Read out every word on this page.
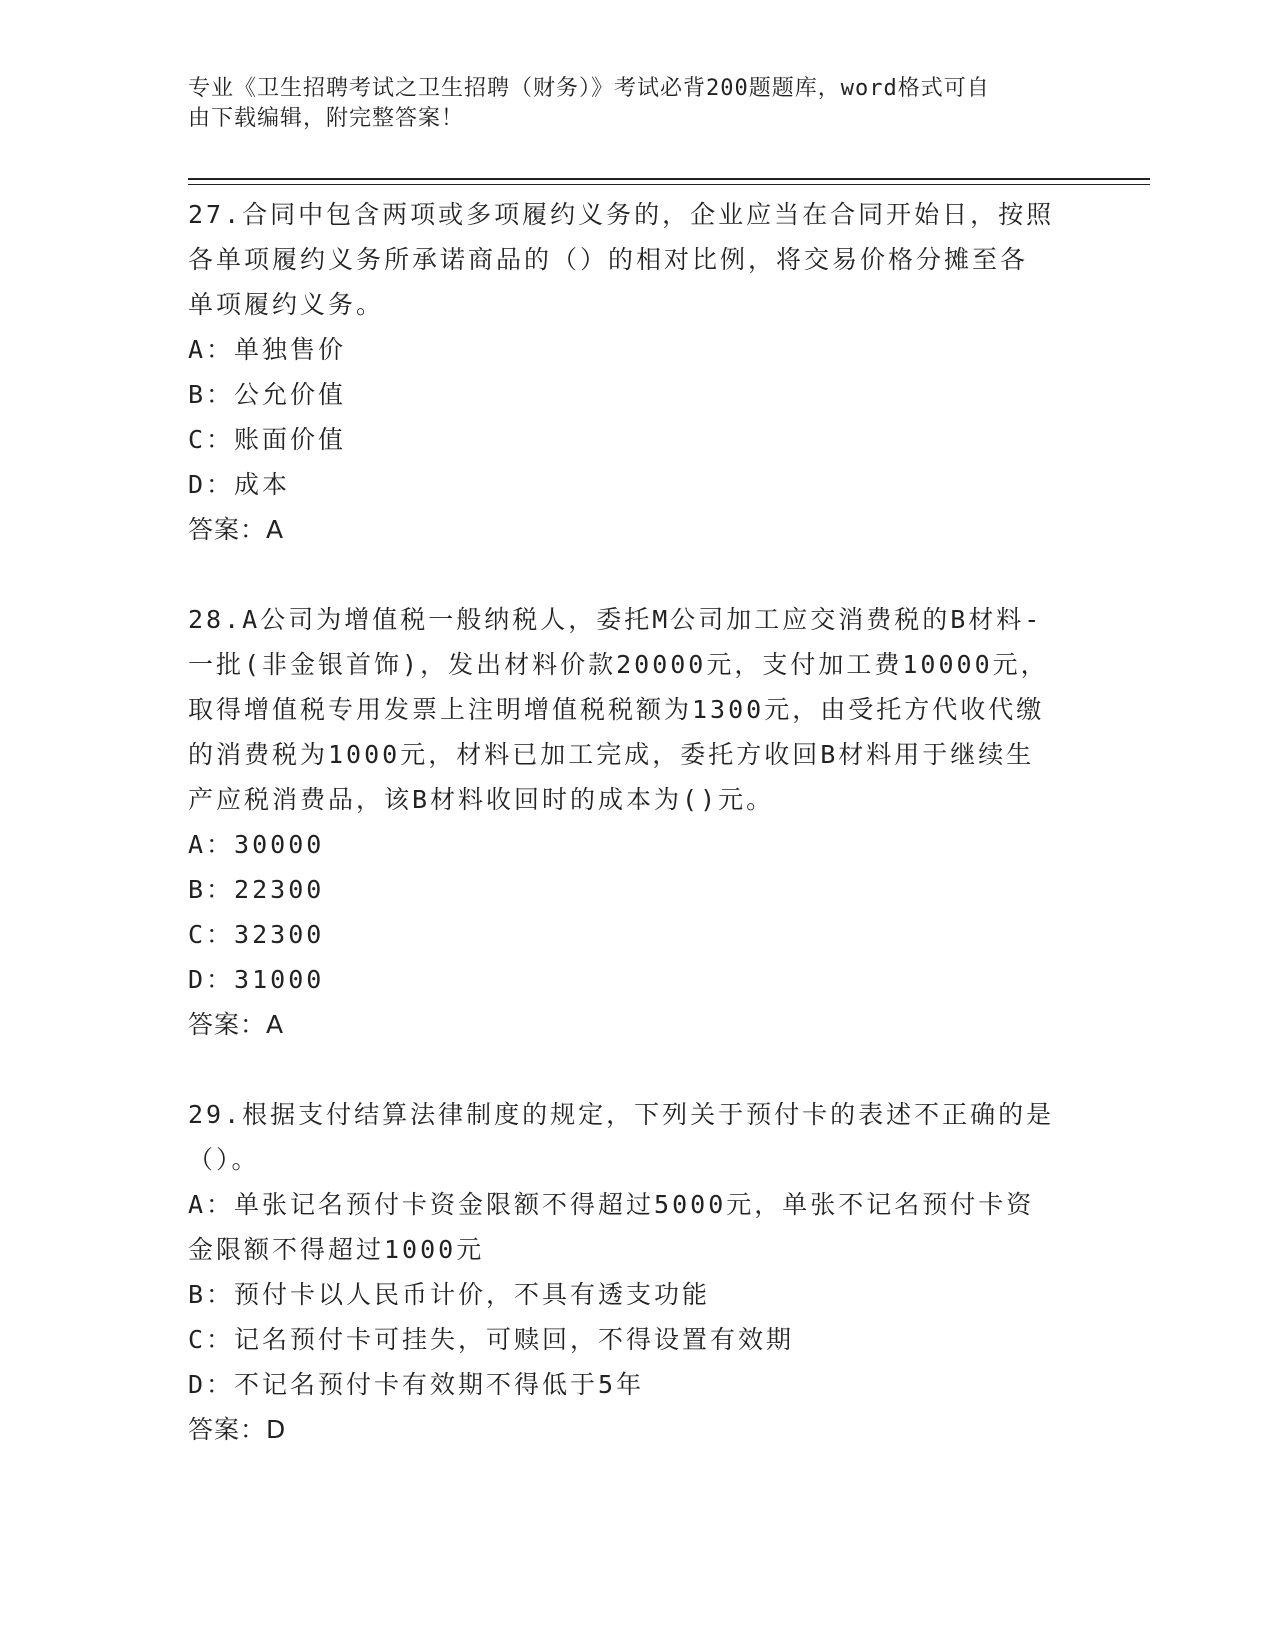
专业《卫生招聘考试之卫生招聘（财务）》考试必背200题题库，word格式可自
由下载编辑，附完整答案！
27.合同中包含两项或多项履约义务的，企业应当在合同开始日，按照
各单项履约义务所承诺商品的（）的相对比例，将交易价格分摊至各
单项履约义务。
A：单独售价
B：公允价值
C：账面价值
D：成本
答案：A
28.A公司为增值税一般纳税人，委托M公司加工应交消费税的B材料-
一批(非金银首饰)，发出材料价款20000元，支付加工费10000元，
取得增值税专用发票上注明增值税税额为1300元，由受托方代收代缴
的消费税为1000元，材料已加工完成，委托方收回B材料用于继续生
产应税消费品，该B材料收回时的成本为()元。
A：30000
B：22300
C：32300
D：31000
答案：A
29.根据支付结算法律制度的规定，下列关于预付卡的表述不正确的是
（）。
A：单张记名预付卡资金限额不得超过5000元，单张不记名预付卡资
金限额不得超过1000元
B：预付卡以人民币计价，不具有透支功能
C：记名预付卡可挂失，可赎回，不得设置有效期
D：不记名预付卡有效期不得低于5年
答案：D
